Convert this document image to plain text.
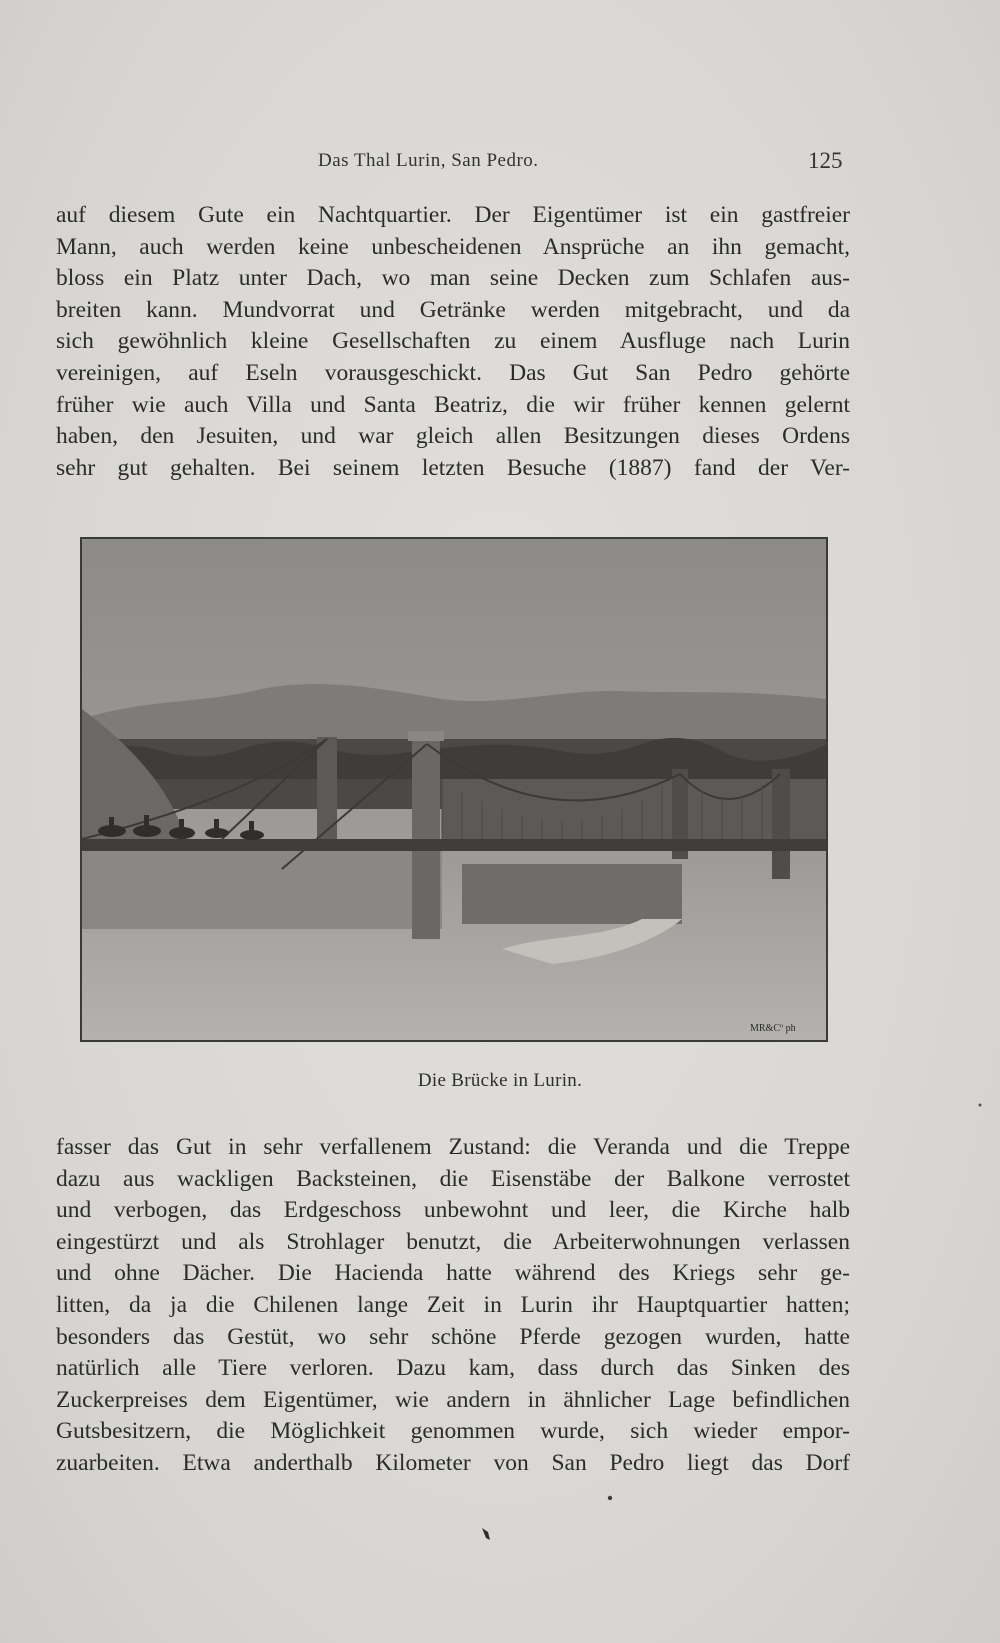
Das Thal Lurin, San Pedro.	125
auf diesem Gute ein Nachtquartier. Der Eigentümer ist ein gastfreier
Mann, auch werden keine unbescheidenen Ansprüche an ihn gemacht,
bloss ein Platz unter Dach, wo man seine Decken zum Schlafen aus-
breiten kann. Mundvorrat und Getränke werden mitgebracht, und da
sich gewöhnlich kleine Gesellschaften zu einem Ausfluge nach Lurin
vereinigen, auf Eseln vorausgeschickt. Das Gut San Pedro gehörte
früher wie auch Villa und Santa Beatriz, die wir früher kennen gelernt
haben, den Jesuiten, und war gleich allen Besitzungen dieses Ordens
sehr gut gehalten. Bei seinem letzten Besuche (1887) fand der Ver-
MR&Cº ph
Die Brücke in Lurin.
fasser das Gut in sehr verfallenem Zustand: die Veranda und die Treppe
dazu aus wackligen Backsteinen, die Eisenstäbe der Balkone verrostet
und verbogen, das Erdgeschoss unbewohnt und leer, die Kirche halb
eingestürzt und als Strohlager benutzt, die Arbeiterwohnungen verlassen
und ohne Dächer. Die Hacienda hatte während des Kriegs sehr ge-
litten, da ja die Chilenen lange Zeit in Lurin ihr Hauptquartier hatten;
besonders das Gestüt, wo sehr schöne Pferde gezogen wurden, hatte
natürlich alle Tiere verloren. Dazu kam, dass durch das Sinken des
Zuckerpreises dem Eigentümer, wie andern in ähnlicher Lage befindlichen
Gutsbesitzern, die Möglichkeit genommen wurde, sich wieder empor-
zuarbeiten. Etwa anderthalb Kilometer von San Pedro liegt das Dorf
